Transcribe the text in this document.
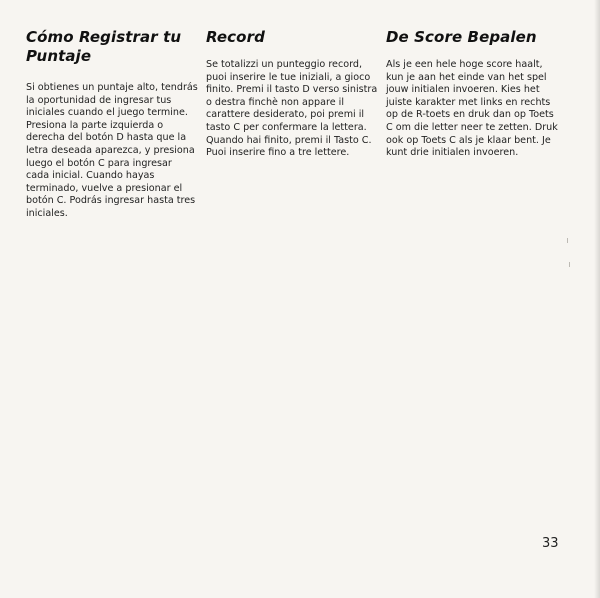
Cómo Registrar tu
Puntaje

Si obtienes un puntaje alto, tendrás
la oportunidad de ingresar tus
iniciales cuando el juego termine.
Presiona la parte izquierda o
derecha del botón D hasta que la
letra deseada aparezca, y presiona
luego el botón C para ingresar
cada inicial. Cuando hayas
terminado, vuelve a presionar el
botón C. Podrás ingresar hasta tres
iniciales.

Record

Se totalizzi un punteggio record,
puoi inserire le tue iniziali, a gioco
finito. Premi il tasto D verso sinistra
o destra finchè non appare il
carattere desiderato, poi premi il
tasto C per confermare la lettera.
Quando hai finito, premi il Tasto C.
Puoi inserire fino a tre lettere.

De Score Bepalen

Als je een hele hoge score haalt,
kun je aan het einde van het spel
jouw initialen invoeren. Kies het
juiste karakter met links en rechts
op de R-toets en druk dan op Toets
C om die letter neer te zetten. Druk
ook op Toets C als je klaar bent. Je
kunt drie initialen invoeren.

33
